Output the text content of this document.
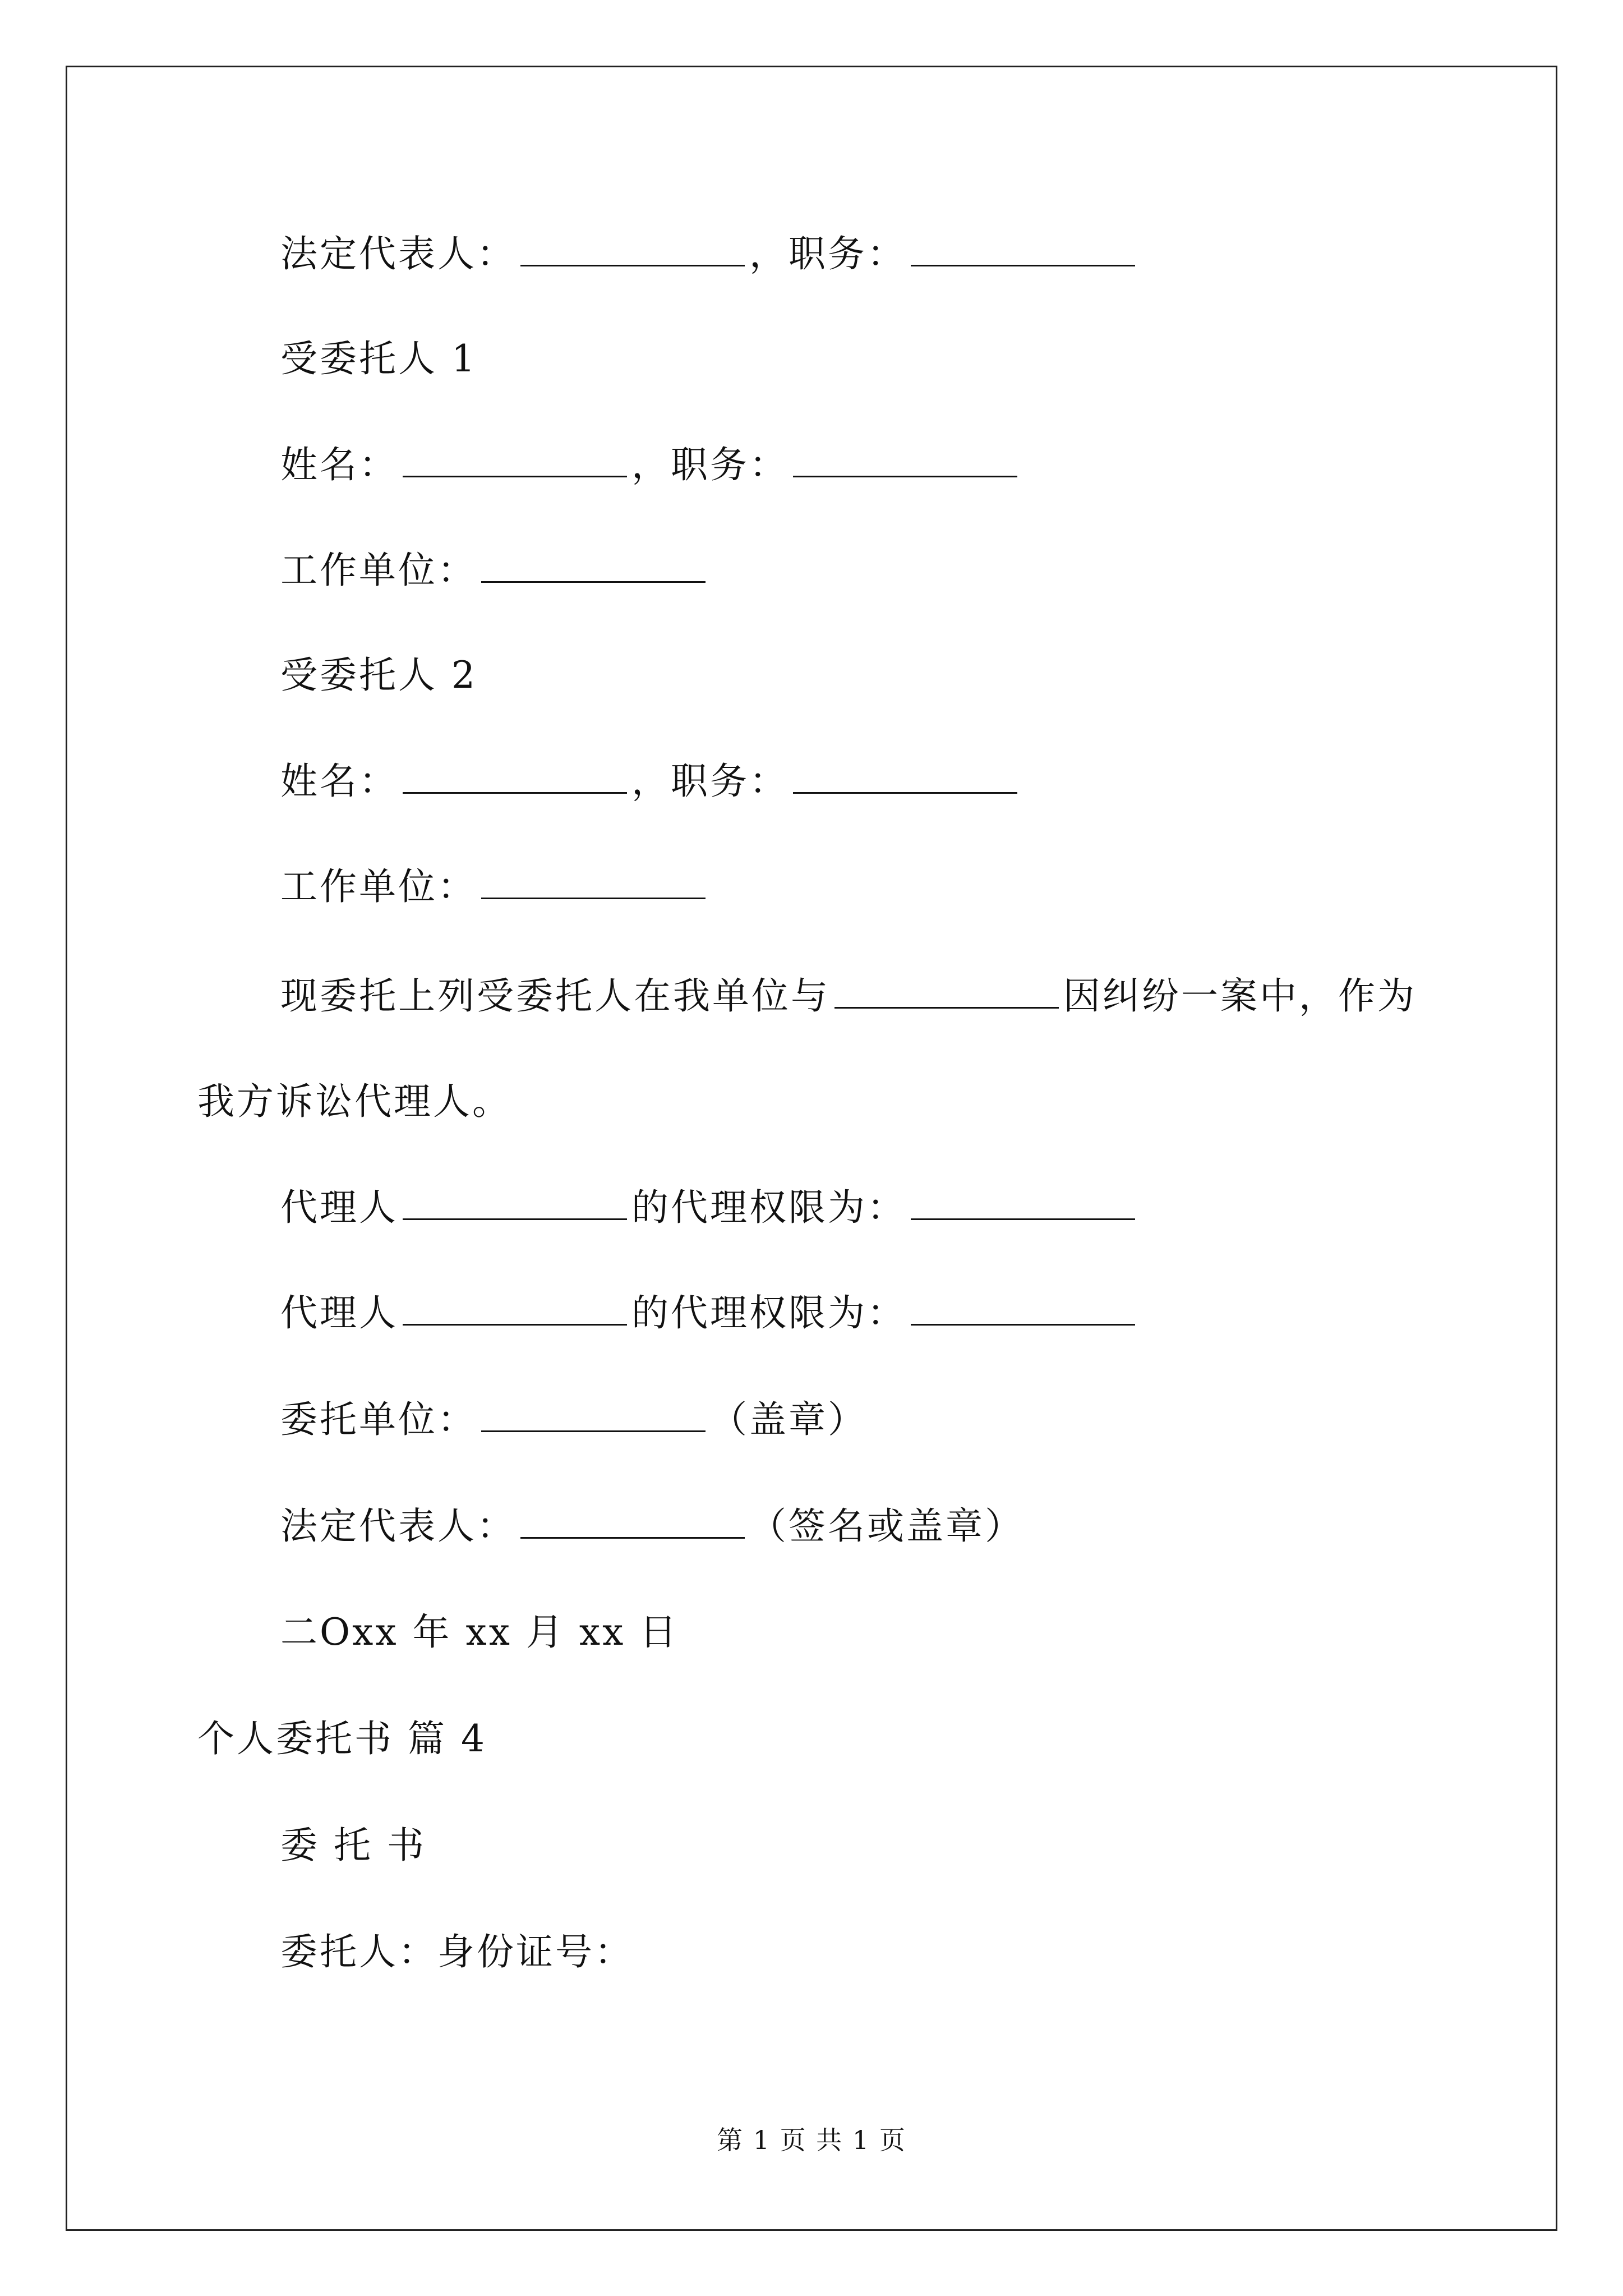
法定代表人：	，职务：
受委托人 1
姓名：	，职务：
工作单位：
受委托人 2
姓名：	，职务：
工作单位：
现委托上列受委托人在我单位与	因纠纷一案中，作为
我方诉讼代理人。
代理人	的代理权限为：
代理人	的代理权限为：
委托单位：	（盖章）
法定代表人：	（签名或盖章）
二Oxx 年 xx 月 xx 日
个人委托书 篇 4
委 托 书
委托人：身份证号：
第 1 页 共 1 页
